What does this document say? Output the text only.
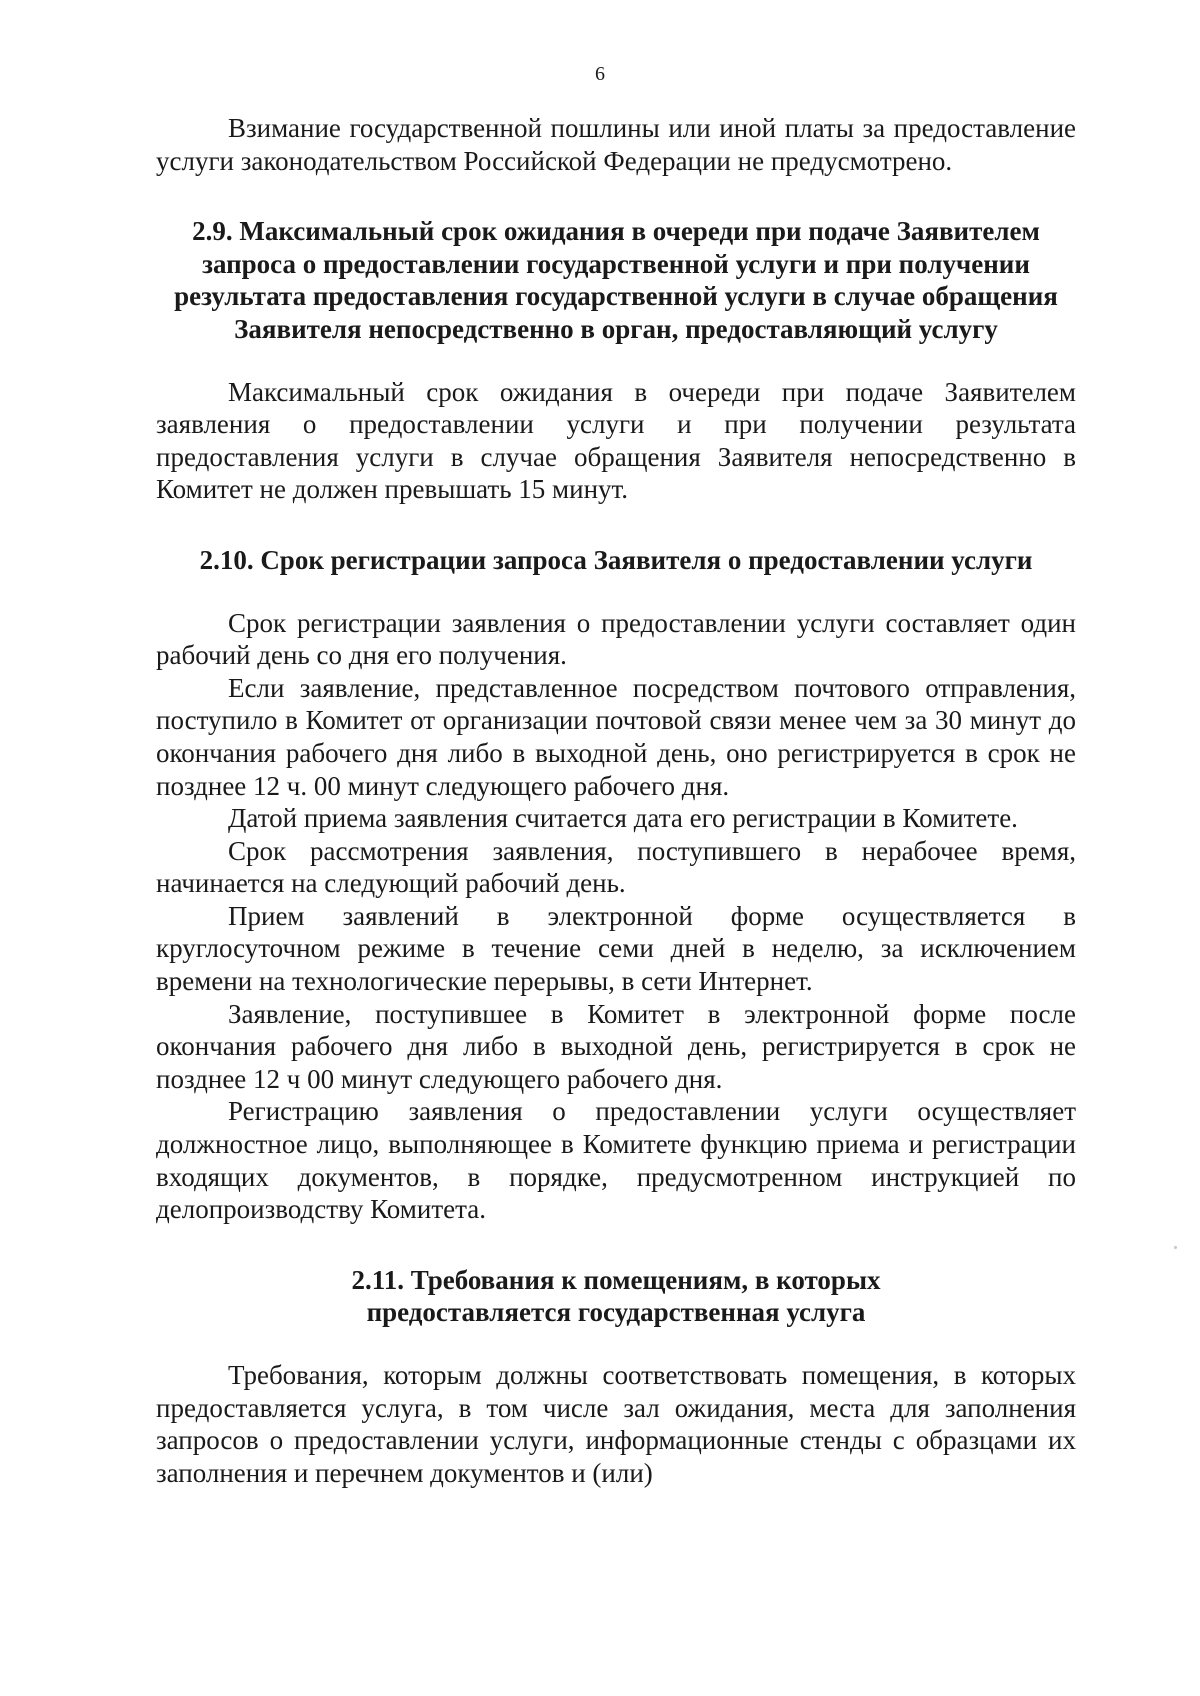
6

Взимание государственной пошлины или иной платы за предоставление услуги законодательством Российской Федерации не предусмотрено.

2.9. Максимальный срок ожидания в очереди при подаче Заявителем запроса о предоставлении государственной услуги и при получении результата предоставления государственной услуги в случае обращения Заявителя непосредственно в орган, предоставляющий услугу

Максимальный срок ожидания в очереди при подаче Заявителем заявления о предоставлении услуги и при получении результата предоставления услуги в случае обращения Заявителя непосредственно в Комитет не должен превышать 15 минут.

2.10. Срок регистрации запроса Заявителя о предоставлении услуги

Срок регистрации заявления о предоставлении услуги составляет один рабочий день со дня его получения.

Если заявление, представленное посредством почтового отправления, поступило в Комитет от организации почтовой связи менее чем за 30 минут до окончания рабочего дня либо в выходной день, оно регистрируется в срок не позднее 12 ч. 00 минут следующего рабочего дня.

Датой приема заявления считается дата его регистрации в Комитете.

Срок рассмотрения заявления, поступившего в нерабочее время, начинается на следующий рабочий день.

Прием заявлений в электронной форме осуществляется в круглосуточном режиме в течение семи дней в неделю, за исключением времени на технологические перерывы, в сети Интернет.

Заявление, поступившее в Комитет в электронной форме после окончания рабочего дня либо в выходной день, регистрируется в срок не позднее 12 ч 00 минут следующего рабочего дня.

Регистрацию заявления о предоставлении услуги осуществляет должностное лицо, выполняющее в Комитете функцию приема и регистрации входящих документов, в порядке, предусмотренном инструкцией по делопроизводству Комитета.

2.11. Требования к помещениям, в которых предоставляется государственная услуга

Требования, которым должны соответствовать помещения, в которых предоставляется услуга, в том числе зал ожидания, места для заполнения запросов о предоставлении услуги, информационные стенды с образцами их заполнения и перечнем документов и (или)
